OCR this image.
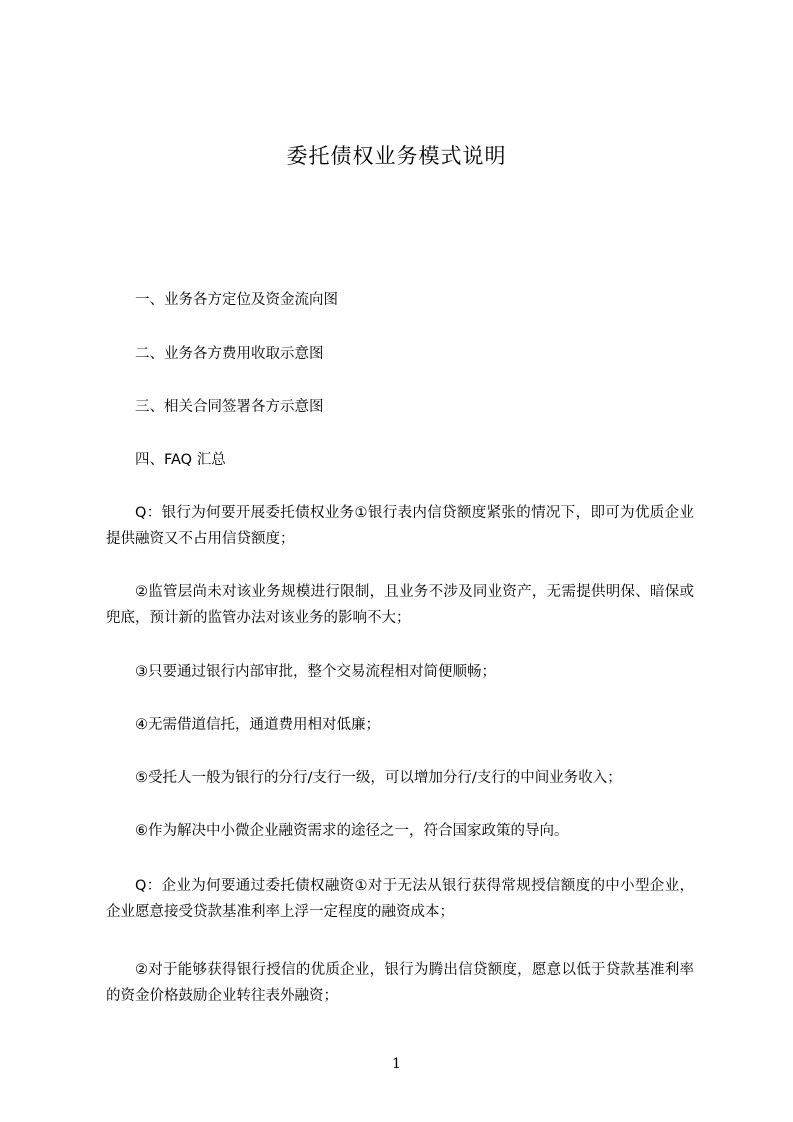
委托债权业务模式说明
一、业务各方定位及资金流向图
二、业务各方费用收取示意图
三、相关合同签署各方示意图
四、FAQ 汇总
Q：银行为何要开展委托债权业务①银行表内信贷额度紧张的情况下，即可为优质企业提供融资又不占用信贷额度；
②监管层尚未对该业务规模进行限制，且业务不涉及同业资产，无需提供明保、暗保或兜底，预计新的监管办法对该业务的影响不大；
③只要通过银行内部审批，整个交易流程相对简便顺畅；
④无需借道信托，通道费用相对低廉；
⑤受托人一般为银行的分行/支行一级，可以增加分行/支行的中间业务收入；
⑥作为解决中小微企业融资需求的途径之一，符合国家政策的导向。
Q：企业为何要通过委托债权融资①对于无法从银行获得常规授信额度的中小型企业，企业愿意接受贷款基准利率上浮一定程度的融资成本；
②对于能够获得银行授信的优质企业，银行为腾出信贷额度，愿意以低于贷款基准利率的资金价格鼓励企业转往表外融资；
1
